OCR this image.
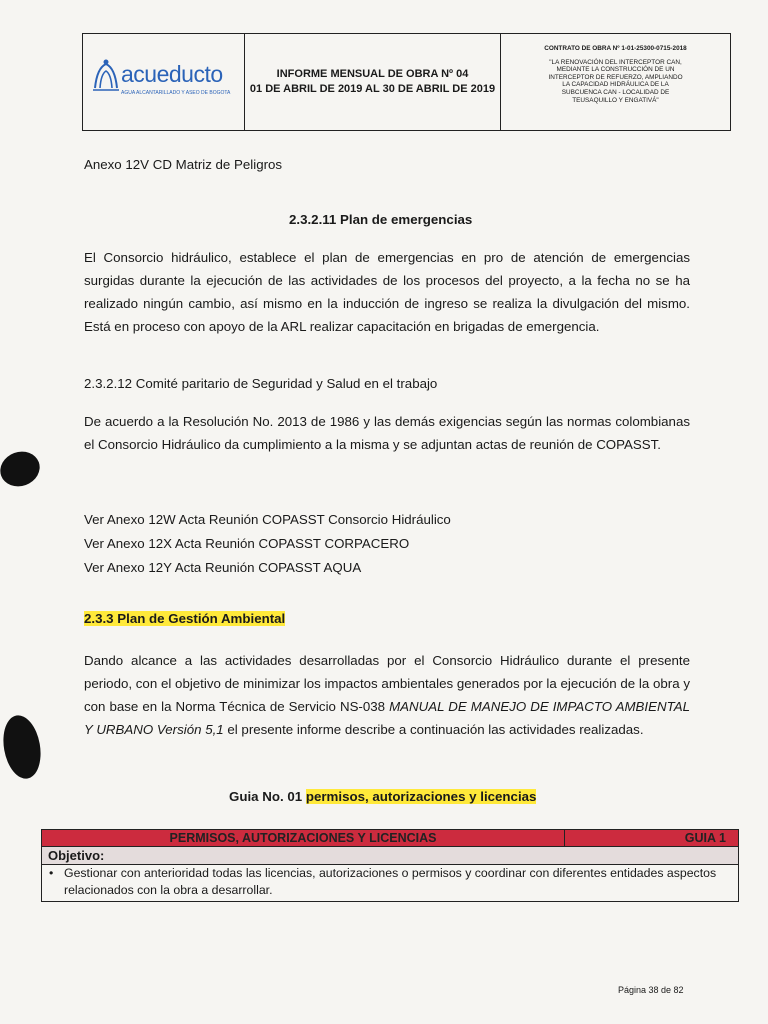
acueducto
AGUA ALCANTARILLADO Y ASEO DE BOGOTA
INFORME MENSUAL DE OBRA Nº 04
01 DE ABRIL DE 2019 AL 30 DE ABRIL DE 2019
CONTRATO DE OBRA Nº 1-01-25300-0715-2018
"LA RENOVACIÓN DEL INTERCEPTOR CAN,
MEDIANTE LA CONSTRUCCIÓN DE UN
INTERCEPTOR DE REFUERZO, AMPLIANDO
LA CAPACIDAD HIDRÁULICA DE LA
SUBCUENCA CAN - LOCALIDAD DE
TEUSAQUILLO Y ENGATIVÁ"
Anexo 12V CD Matriz de Peligros
2.3.2.11 Plan de emergencias
El Consorcio hidráulico, establece el plan de emergencias en pro de atención de emergencias surgidas durante la ejecución de las actividades de los procesos del proyecto, a la fecha no se ha realizado ningún cambio, así mismo en la inducción de ingreso se realiza la divulgación del mismo. Está en proceso con apoyo de la ARL realizar capacitación en brigadas de emergencia.
2.3.2.12 Comité paritario de Seguridad y Salud en el trabajo
De acuerdo a la Resolución No. 2013 de 1986 y las demás exigencias según las normas colombianas el Consorcio Hidráulico da cumplimiento a la misma y se adjuntan actas de reunión de COPASST.
Ver Anexo 12W Acta Reunión COPASST Consorcio Hidráulico
Ver Anexo 12X Acta Reunión COPASST CORPACERO
Ver Anexo 12Y Acta Reunión COPASST AQUA
2.3.3 Plan de Gestión Ambiental
Dando alcance a las actividades desarrolladas por el Consorcio Hidráulico durante el presente periodo, con el objetivo de minimizar los impactos ambientales generados por la ejecución de la obra y con base en la Norma Técnica de Servicio NS-038 MANUAL DE MANEJO DE IMPACTO AMBIENTAL Y URBANO Versión 5,1 el presente informe describe a continuación las actividades realizadas.
Guia No. 01 permisos, autorizaciones y licencias
PERMISOS, AUTORIZACIONES Y LICENCIAS	GUIA 1
Objetivo:
• Gestionar con anterioridad todas las licencias, autorizaciones o permisos y coordinar con diferentes entidades aspectos relacionados con la obra a desarrollar.
Página 38 de 82
